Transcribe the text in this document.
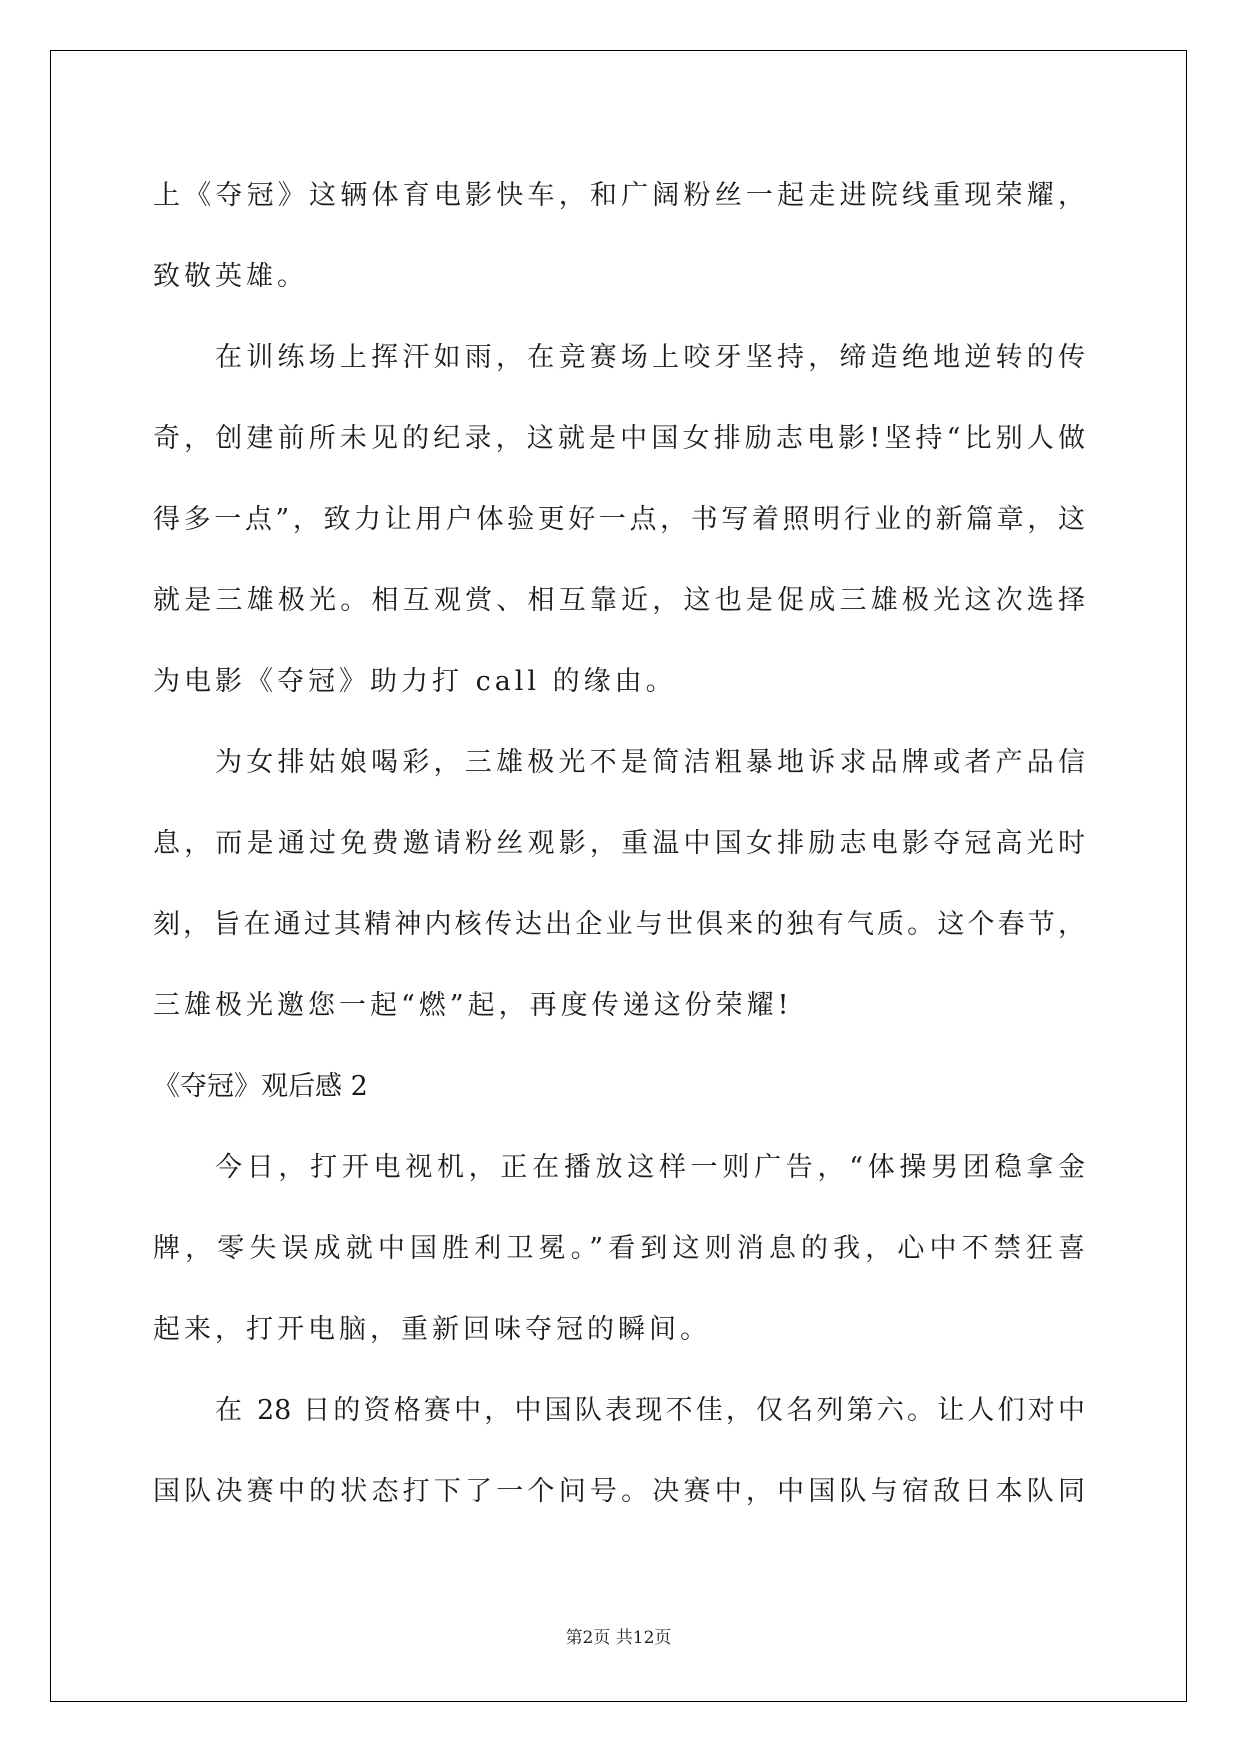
上《夺冠》这辆体育电影快车，和广阔粉丝一起走进院线重现荣耀，
致敬英雄。
在训练场上挥汗如雨，在竞赛场上咬牙坚持，缔造绝地逆转的传
奇，创建前所未见的纪录，这就是中国女排励志电影!坚持“比别人做
得多一点”，致力让用户体验更好一点，书写着照明行业的新篇章，这
就是三雄极光。相互观赏、相互靠近，这也是促成三雄极光这次选择
为电影《夺冠》助力打 call 的缘由。
为女排姑娘喝彩，三雄极光不是简洁粗暴地诉求品牌或者产品信
息，而是通过免费邀请粉丝观影，重温中国女排励志电影夺冠高光时
刻，旨在通过其精神内核传达出企业与世俱来的独有气质。这个春节，
三雄极光邀您一起“燃”起，再度传递这份荣耀!
《夺冠》观后感 2
今日，打开电视机，正在播放这样一则广告，“体操男团稳拿金
牌，零失误成就中国胜利卫冕。”看到这则消息的我，心中不禁狂喜
起来，打开电脑，重新回味夺冠的瞬间。
在 28 日的资格赛中，中国队表现不佳，仅名列第六。让人们对中
国队决赛中的状态打下了一个问号。决赛中，中国队与宿敌日本队同
第2页 共12页
